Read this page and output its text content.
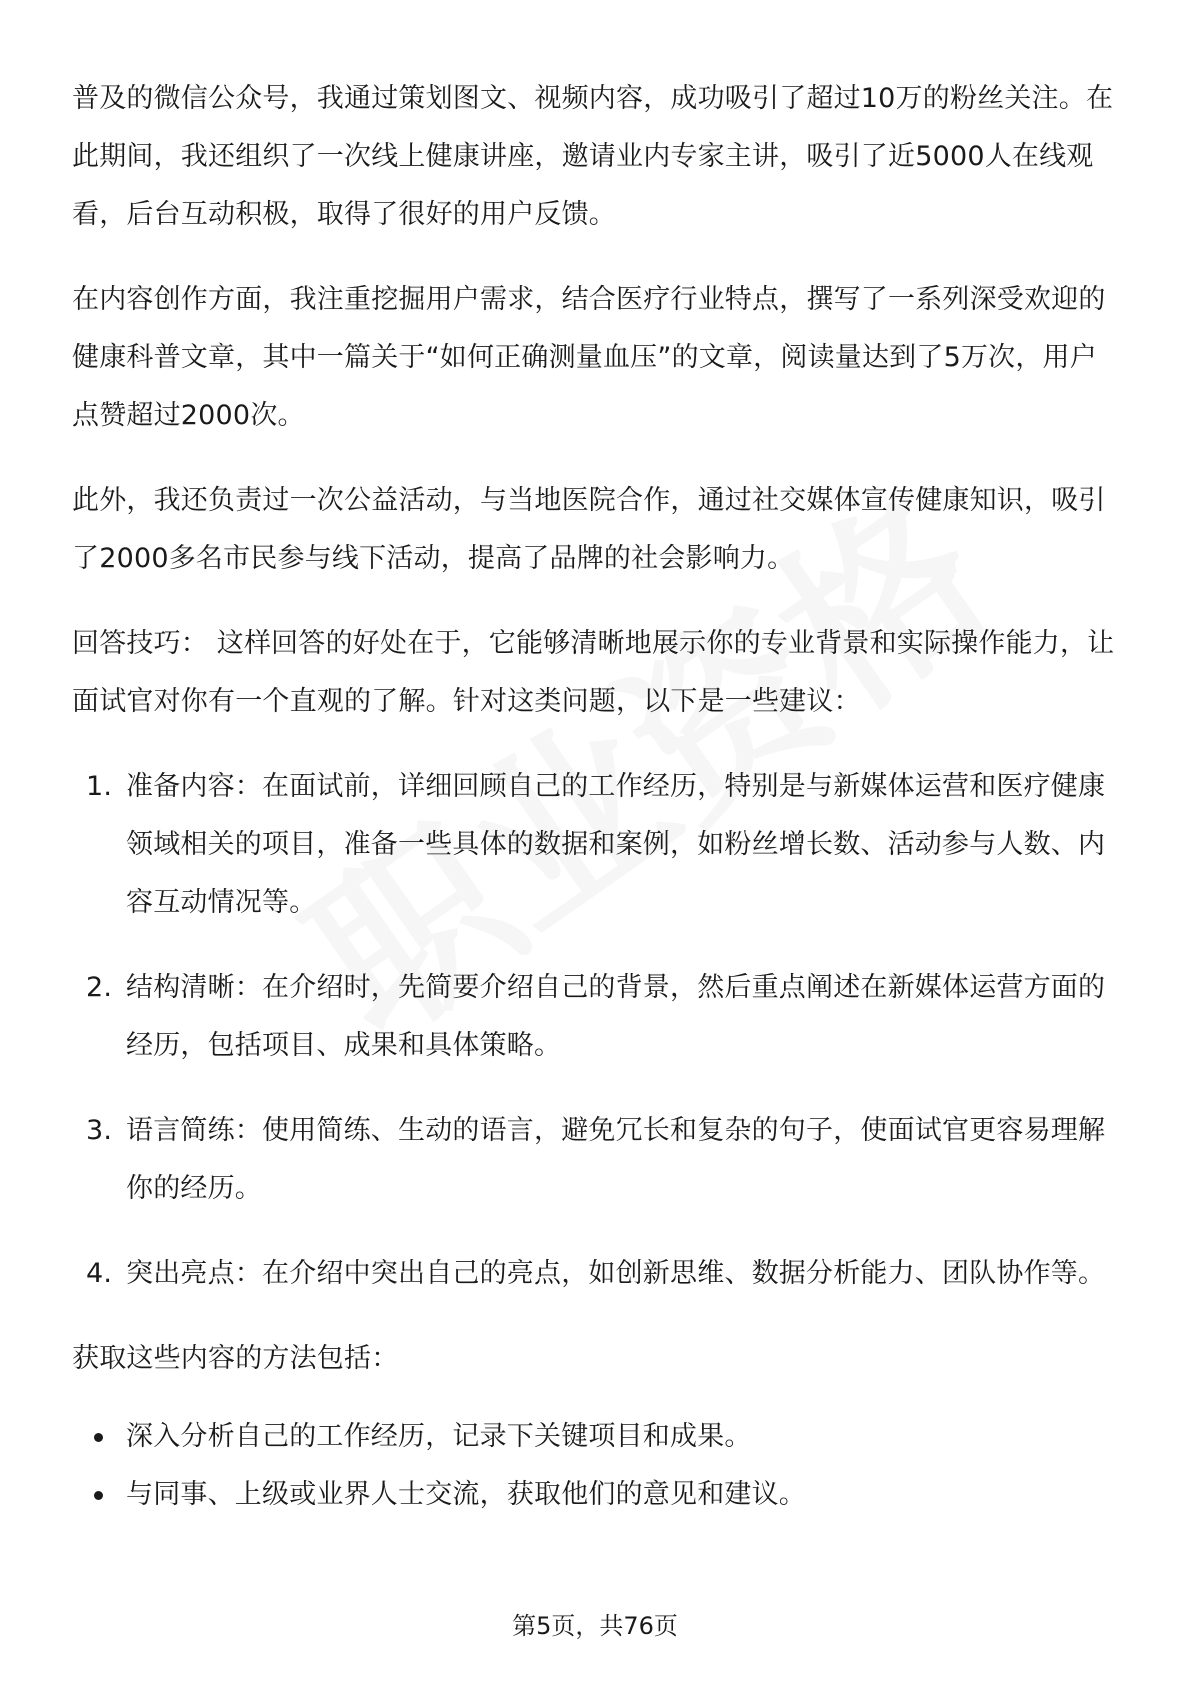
普及的微信公众号，我通过策划图文、视频内容，成功吸引了超过10万的粉丝关注。在此期间，我还组织了一次线上健康讲座，邀请业内专家主讲，吸引了近5000人在线观看，后台互动积极，取得了很好的用户反馈。

在内容创作方面，我注重挖掘用户需求，结合医疗行业特点，撰写了一系列深受欢迎的健康科普文章，其中一篇关于“如何正确测量血压”的文章，阅读量达到了5万次，用户点赞超过2000次。

此外，我还负责过一次公益活动，与当地医院合作，通过社交媒体宣传健康知识，吸引了2000多名市民参与线下活动，提高了品牌的社会影响力。

回答技巧： 这样回答的好处在于，它能够清晰地展示你的专业背景和实际操作能力，让面试官对你有一个直观的了解。针对这类问题，以下是一些建议：

1. 准备内容：在面试前，详细回顾自己的工作经历，特别是与新媒体运营和医疗健康领域相关的项目，准备一些具体的数据和案例，如粉丝增长数、活动参与人数、内容互动情况等。
2. 结构清晰：在介绍时，先简要介绍自己的背景，然后重点阐述在新媒体运营方面的经历，包括项目、成果和具体策略。
3. 语言简练：使用简练、生动的语言，避免冗长和复杂的句子，使面试官更容易理解你的经历。
4. 突出亮点：在介绍中突出自己的亮点，如创新思维、数据分析能力、团队协作等。

获取这些内容的方法包括：

深入分析自己的工作经历，记录下关键项目和成果。
与同事、上级或业界人士交流，获取他们的意见和建议。
第5页，共76页
